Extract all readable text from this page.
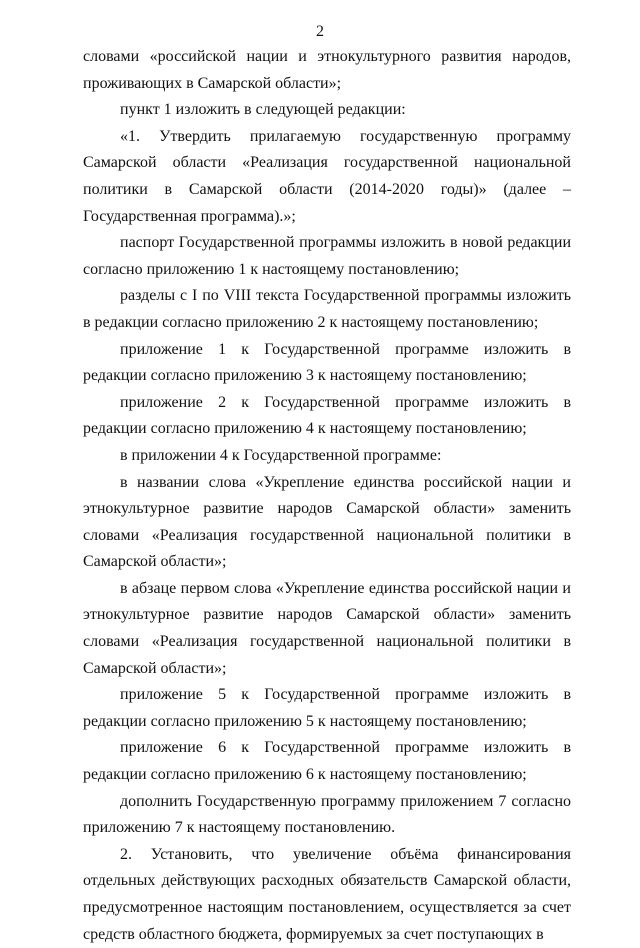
2

словами «российской нации и этнокультурного развития народов, проживающих в Самарской области»;

пункт 1 изложить в следующей редакции:

«1. Утвердить прилагаемую государственную программу Самарской области «Реализация государственной национальной политики в Самарской области (2014-2020 годы)» (далее – Государственная программа).»;

паспорт Государственной программы изложить в новой редакции согласно приложению 1 к настоящему постановлению;

разделы с I по VIII текста Государственной программы изложить в редакции согласно приложению 2 к настоящему постановлению;

приложение 1 к Государственной программе изложить в редакции согласно приложению 3 к настоящему постановлению;

приложение 2 к Государственной программе изложить в редакции согласно приложению 4 к настоящему постановлению;

в приложении 4 к Государственной программе:

в названии слова «Укрепление единства российской нации и этнокультурное развитие народов Самарской области» заменить словами «Реализация государственной национальной политики в Самарской области»;

в абзаце первом слова «Укрепление единства российской нации и этнокультурное развитие народов Самарской области» заменить словами «Реализация государственной национальной политики в Самарской области»;

приложение 5 к Государственной программе изложить в редакции согласно приложению 5 к настоящему постановлению;

приложение 6 к Государственной программе изложить в редакции согласно приложению 6 к настоящему постановлению;

дополнить Государственную программу приложением 7 согласно приложению 7 к настоящему постановлению.

2. Установить, что увеличение объёма финансирования отдельных действующих расходных обязательств Самарской области, предусмотренное настоящим постановлением, осуществляется за счет средств областного бюджета, формируемых за счет поступающих в
